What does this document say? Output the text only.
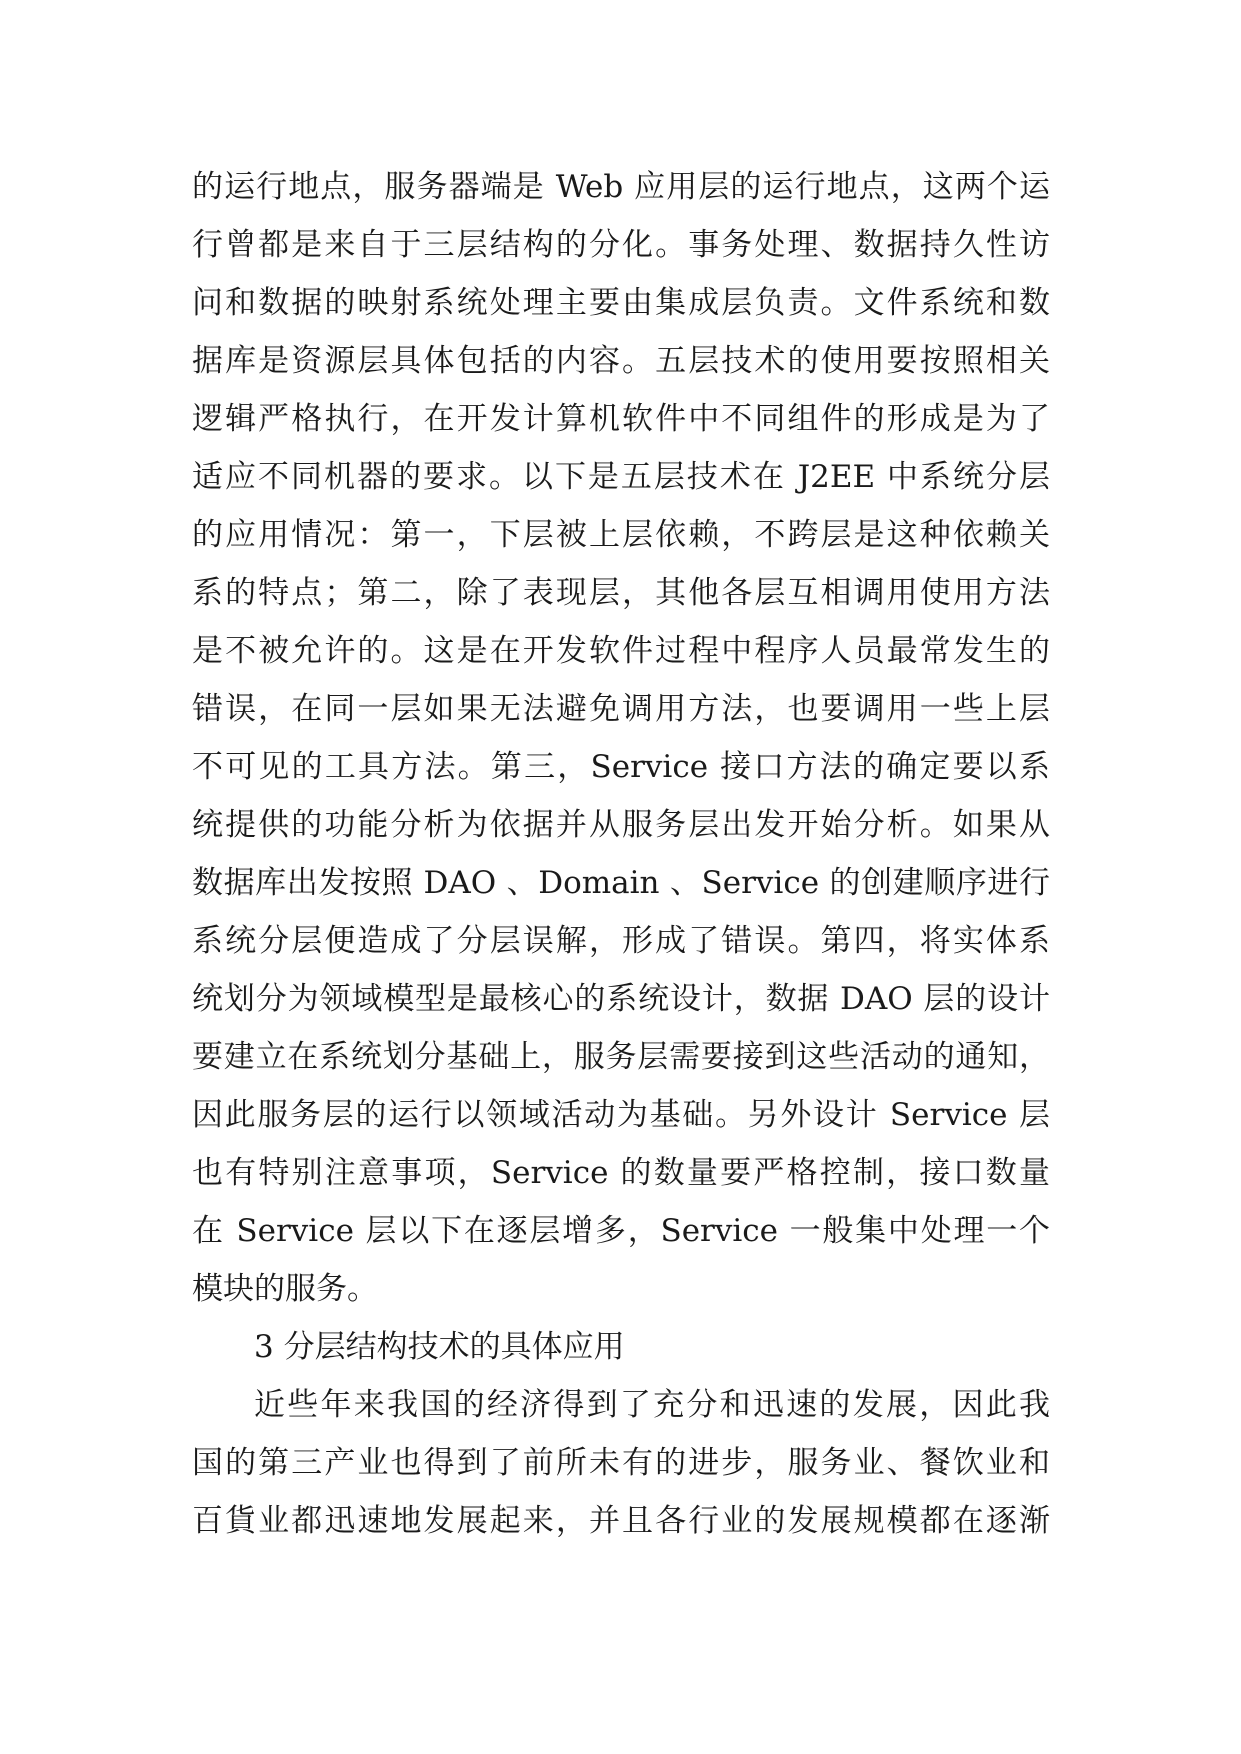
的运行地点，服务器端是 Web 应用层的运行地点，这两个运
行曾都是来自于三层结构的分化。事务处理、数据持久性访
问和数据的映射系统处理主要由集成层负责。文件系统和数
据库是资源层具体包括的内容。五层技术的使用要按照相关
逻辑严格执行，在开发计算机软件中不同组件的形成是为了
适应不同机器的要求。以下是五层技术在 J2EE 中系统分层
的应用情况：第一，下层被上层依赖，不跨层是这种依赖关
系的特点；第二，除了表现层，其他各层互相调用使用方法
是不被允许的。这是在开发软件过程中程序人员最常发生的
错误，在同一层如果无法避免调用方法，也要调用一些上层
不可见的工具方法。第三，Service 接口方法的确定要以系
统提供的功能分析为依据并从服务层出发开始分析。如果从
数据库出发按照 DAO 、Domain 、Service 的创建顺序进行
系统分层便造成了分层误解，形成了错误。第四，将实体系
统划分为领域模型是最核心的系统设计，数据 DAO 层的设计
要建立在系统划分基础上，服务层需要接到这些活动的通知，
因此服务层的运行以领域活动为基础。另外设计 Service 层
也有特别注意事项，Service 的数量要严格控制，接口数量
在 Service 层以下在逐层增多，Service 一般集中处理一个
模块的服务。
3 分层结构技术的具体应用
近些年来我国的经济得到了充分和迅速的发展，因此我
国的第三产业也得到了前所未有的进步，服务业、餐饮业和
百貨业都迅速地发展起来，并且各行业的发展规模都在逐渐
